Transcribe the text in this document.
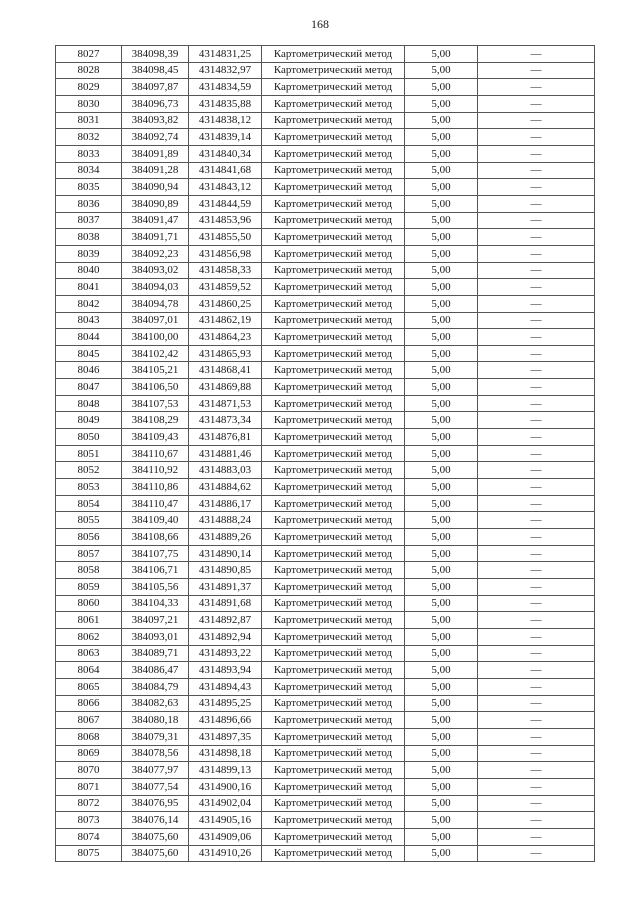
168
8027	384098,39	4314831,25	Картометрический метод	5,00	—
8028	384098,45	4314832,97	Картометрический метод	5,00	—
8029	384097,87	4314834,59	Картометрический метод	5,00	—
8030	384096,73	4314835,88	Картометрический метод	5,00	—
8031	384093,82	4314838,12	Картометрический метод	5,00	—
8032	384092,74	4314839,14	Картометрический метод	5,00	—
8033	384091,89	4314840,34	Картометрический метод	5,00	—
8034	384091,28	4314841,68	Картометрический метод	5,00	—
8035	384090,94	4314843,12	Картометрический метод	5,00	—
8036	384090,89	4314844,59	Картометрический метод	5,00	—
8037	384091,47	4314853,96	Картометрический метод	5,00	—
8038	384091,71	4314855,50	Картометрический метод	5,00	—
8039	384092,23	4314856,98	Картометрический метод	5,00	—
8040	384093,02	4314858,33	Картометрический метод	5,00	—
8041	384094,03	4314859,52	Картометрический метод	5,00	—
8042	384094,78	4314860,25	Картометрический метод	5,00	—
8043	384097,01	4314862,19	Картометрический метод	5,00	—
8044	384100,00	4314864,23	Картометрический метод	5,00	—
8045	384102,42	4314865,93	Картометрический метод	5,00	—
8046	384105,21	4314868,41	Картометрический метод	5,00	—
8047	384106,50	4314869,88	Картометрический метод	5,00	—
8048	384107,53	4314871,53	Картометрический метод	5,00	—
8049	384108,29	4314873,34	Картометрический метод	5,00	—
8050	384109,43	4314876,81	Картометрический метод	5,00	—
8051	384110,67	4314881,46	Картометрический метод	5,00	—
8052	384110,92	4314883,03	Картометрический метод	5,00	—
8053	384110,86	4314884,62	Картометрический метод	5,00	—
8054	384110,47	4314886,17	Картометрический метод	5,00	—
8055	384109,40	4314888,24	Картометрический метод	5,00	—
8056	384108,66	4314889,26	Картометрический метод	5,00	—
8057	384107,75	4314890,14	Картометрический метод	5,00	—
8058	384106,71	4314890,85	Картометрический метод	5,00	—
8059	384105,56	4314891,37	Картометрический метод	5,00	—
8060	384104,33	4314891,68	Картометрический метод	5,00	—
8061	384097,21	4314892,87	Картометрический метод	5,00	—
8062	384093,01	4314892,94	Картометрический метод	5,00	—
8063	384089,71	4314893,22	Картометрический метод	5,00	—
8064	384086,47	4314893,94	Картометрический метод	5,00	—
8065	384084,79	4314894,43	Картометрический метод	5,00	—
8066	384082,63	4314895,25	Картометрический метод	5,00	—
8067	384080,18	4314896,66	Картометрический метод	5,00	—
8068	384079,31	4314897,35	Картометрический метод	5,00	—
8069	384078,56	4314898,18	Картометрический метод	5,00	—
8070	384077,97	4314899,13	Картометрический метод	5,00	—
8071	384077,54	4314900,16	Картометрический метод	5,00	—
8072	384076,95	4314902,04	Картометрический метод	5,00	—
8073	384076,14	4314905,16	Картометрический метод	5,00	—
8074	384075,60	4314909,06	Картометрический метод	5,00	—
8075	384075,60	4314910,26	Картометрический метод	5,00	—
